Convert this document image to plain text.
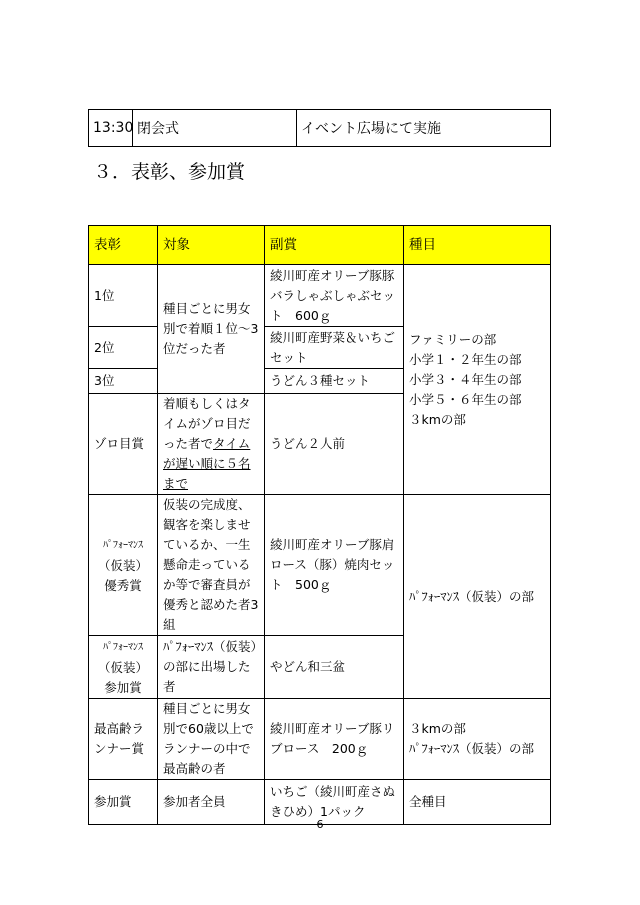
13:30	閉会式	イベント広場にて実施
３．表彰、参加賞
表彰	対象	副賞	種目
1位	種目ごとに男女別で着順１位～3位だった者	綾川町産オリーブ豚豚バラしゃぶしゃぶセット　600ｇ	ファミリーの部
小学１・２年生の部
小学３・４年生の部
小学５・６年生の部
３kmの部
2位		綾川町産野菜＆いちごセット	
3位		うどん３種セット	
ゾロ目賞	着順もしくはタイムがゾロ目だった者でタイムが遅い順に５名まで	うどん２人前	
ﾊﾟﾌｫｰﾏﾝｽ
（仮装）
優秀賞	仮装の完成度、観客を楽しませているか、一生懸命走っているか等で審査員が優秀と認めた者3組	綾川町産オリーブ豚肩ロース（豚）焼肉セット　500ｇ	ﾊﾟﾌｫｰﾏﾝｽ（仮装）の部
ﾊﾟﾌｫｰﾏﾝｽ
（仮装）
参加賞	ﾊﾟﾌｫｰﾏﾝｽ（仮装）の部に出場した者	やどん和三盆	
最高齢ランナー賞	種目ごとに男女別で60歳以上でランナーの中で最高齢の者	綾川町産オリーブ豚リブロース　200ｇ	３kmの部
ﾊﾟﾌｫｰﾏﾝｽ（仮装）の部
参加賞	参加者全員	いちご（綾川町産さぬきひめ）1パック	全種目
6
